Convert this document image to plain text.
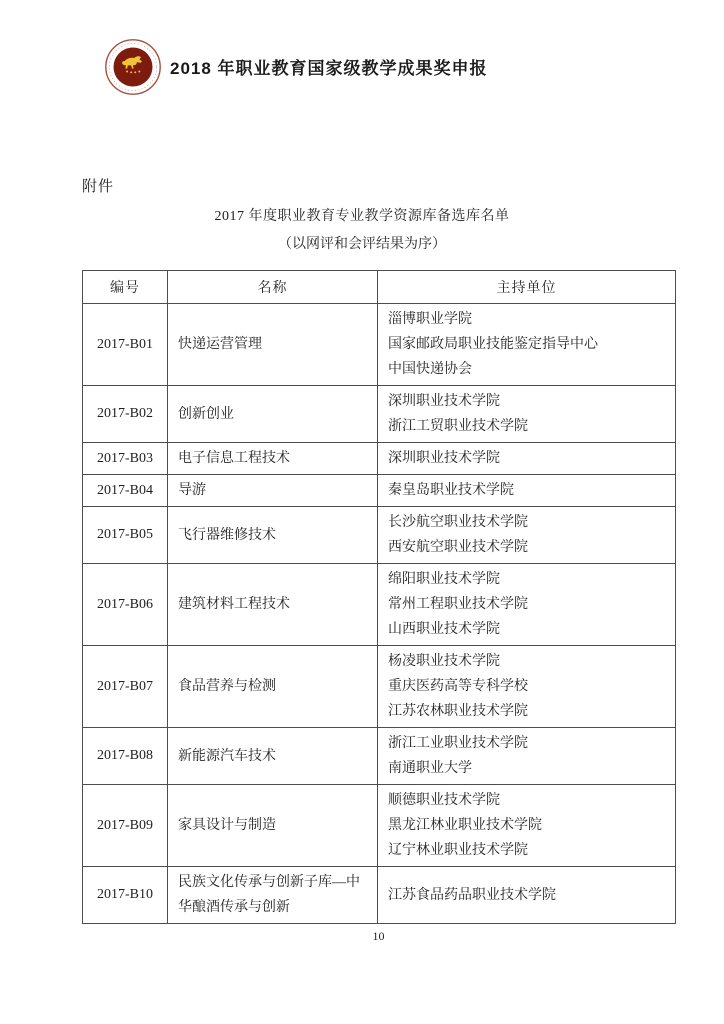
2018 年职业教育国家级教学成果奖申报
附件
2017 年度职业教育专业教学资源库备选库名单
（以网评和会评结果为序）
编号	名称	主持单位
2017-B01	快递运营管理	淄博职业学院
国家邮政局职业技能鉴定指导中心
中国快递协会

2017-B02	创新创业	深圳职业技术学院
浙江工贸职业技术学院

2017-B03	电子信息工程技术	深圳职业技术学院

2017-B04	导游	秦皇岛职业技术学院

2017-B05	飞行器维修技术	长沙航空职业技术学院
西安航空职业技术学院

2017-B06	建筑材料工程技术	绵阳职业技术学院
常州工程职业技术学院
山西职业技术学院

2017-B07	食品营养与检测	杨凌职业技术学院
重庆医药高等专科学校
江苏农林职业技术学院

2017-B08	新能源汽车技术	浙江工业职业技术学院
南通职业大学

2017-B09	家具设计与制造	顺德职业技术学院
黑龙江林业职业技术学院
辽宁林业职业技术学院

2017-B10	民族文化传承与创新子库—中华酿酒传承与创新	江苏食品药品职业技术学院
10
